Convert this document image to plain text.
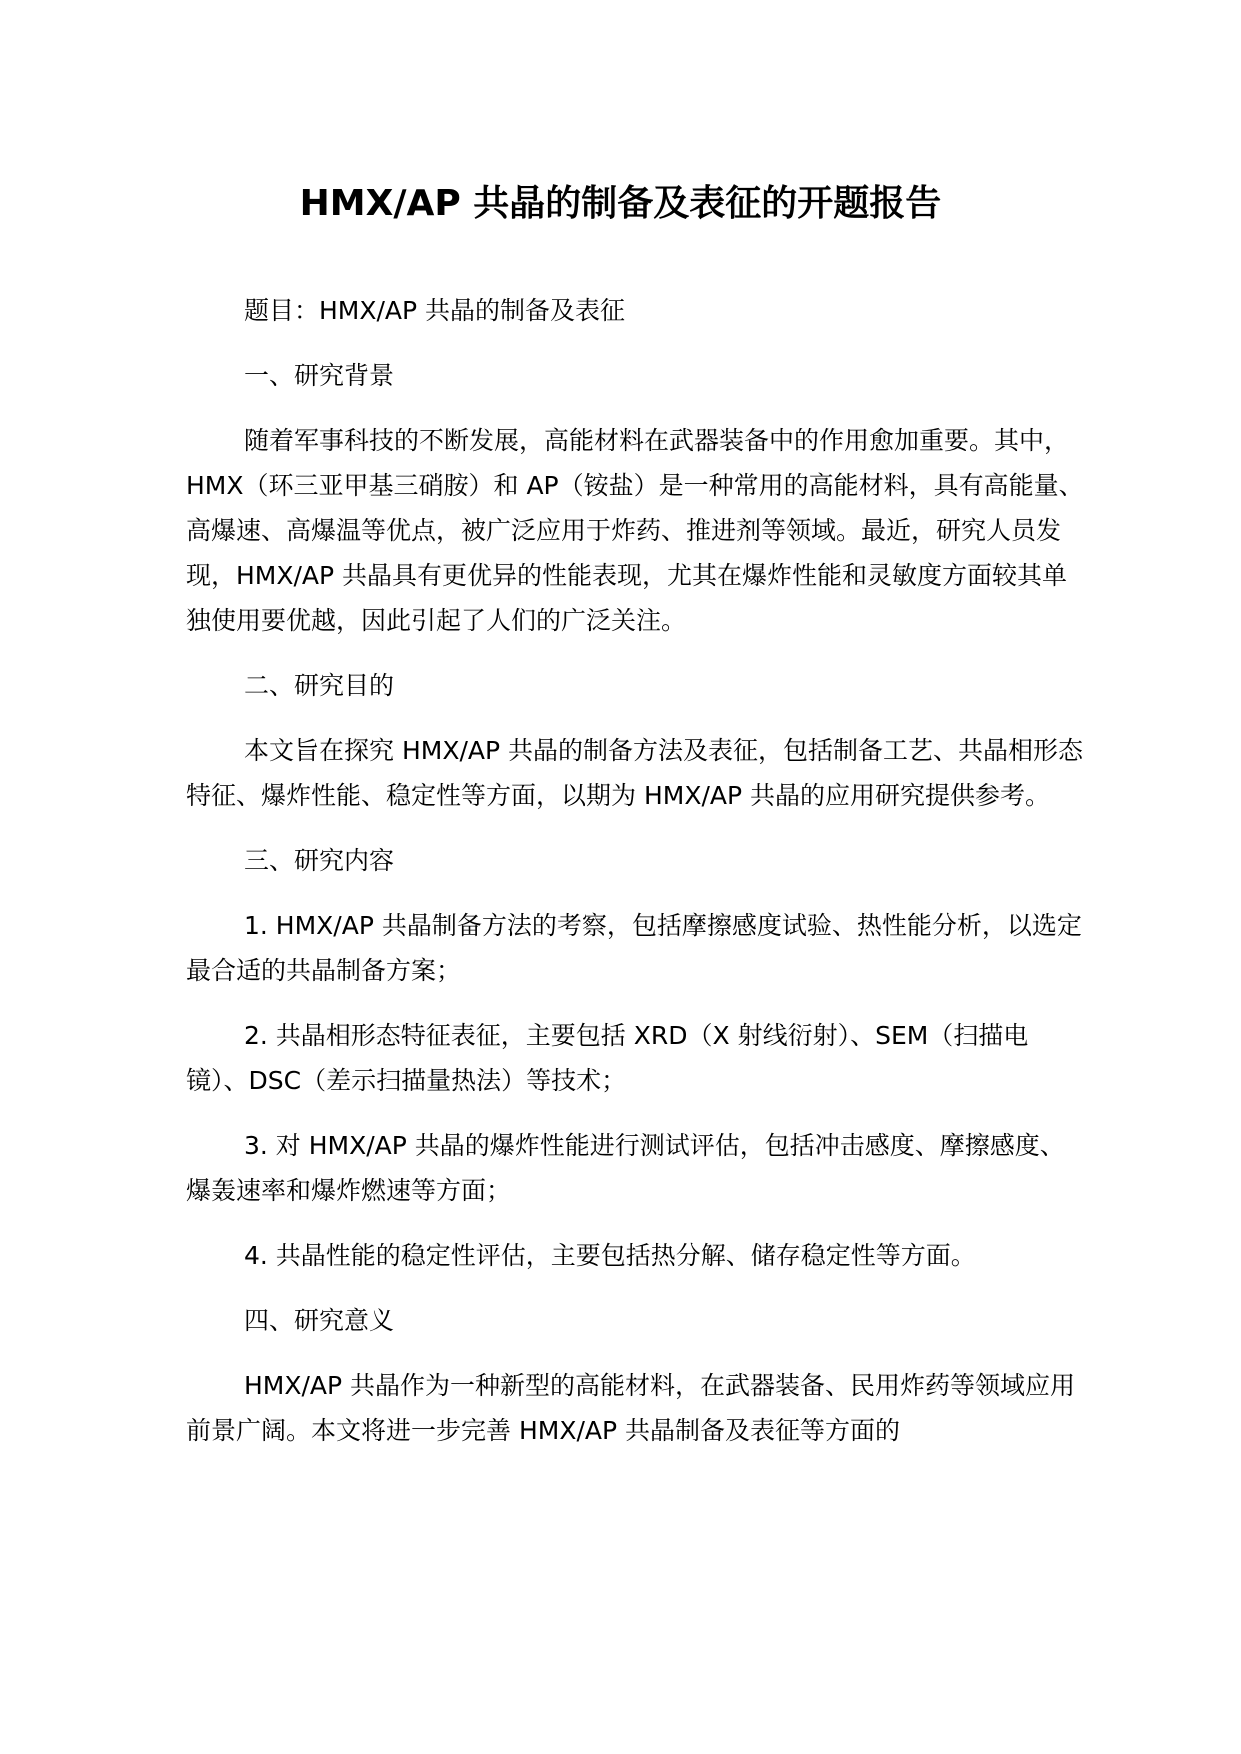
HMX/AP 共晶的制备及表征的开题报告

题目：HMX/AP 共晶的制备及表征

一、研究背景

随着军事科技的不断发展，高能材料在武器装备中的作用愈加重要。其中，HMX（环三亚甲基三硝胺）和 AP（铵盐）是一种常用的高能材料，具有高能量、高爆速、高爆温等优点，被广泛应用于炸药、推进剂等领域。最近，研究人员发现，HMX/AP 共晶具有更优异的性能表现，尤其在爆炸性能和灵敏度方面较其单独使用要优越，因此引起了人们的广泛关注。

二、研究目的

本文旨在探究 HMX/AP 共晶的制备方法及表征，包括制备工艺、共晶相形态特征、爆炸性能、稳定性等方面，以期为 HMX/AP 共晶的应用研究提供参考。

三、研究内容

1. HMX/AP 共晶制备方法的考察，包括摩擦感度试验、热性能分析，以选定最合适的共晶制备方案；

2. 共晶相形态特征表征，主要包括 XRD（X 射线衍射）、SEM（扫描电镜）、DSC（差示扫描量热法）等技术；

3. 对 HMX/AP 共晶的爆炸性能进行测试评估，包括冲击感度、摩擦感度、爆轰速率和爆炸燃速等方面；

4. 共晶性能的稳定性评估，主要包括热分解、储存稳定性等方面。

四、研究意义

HMX/AP 共晶作为一种新型的高能材料，在武器装备、民用炸药等领域应用前景广阔。本文将进一步完善 HMX/AP 共晶制备及表征等方面的
